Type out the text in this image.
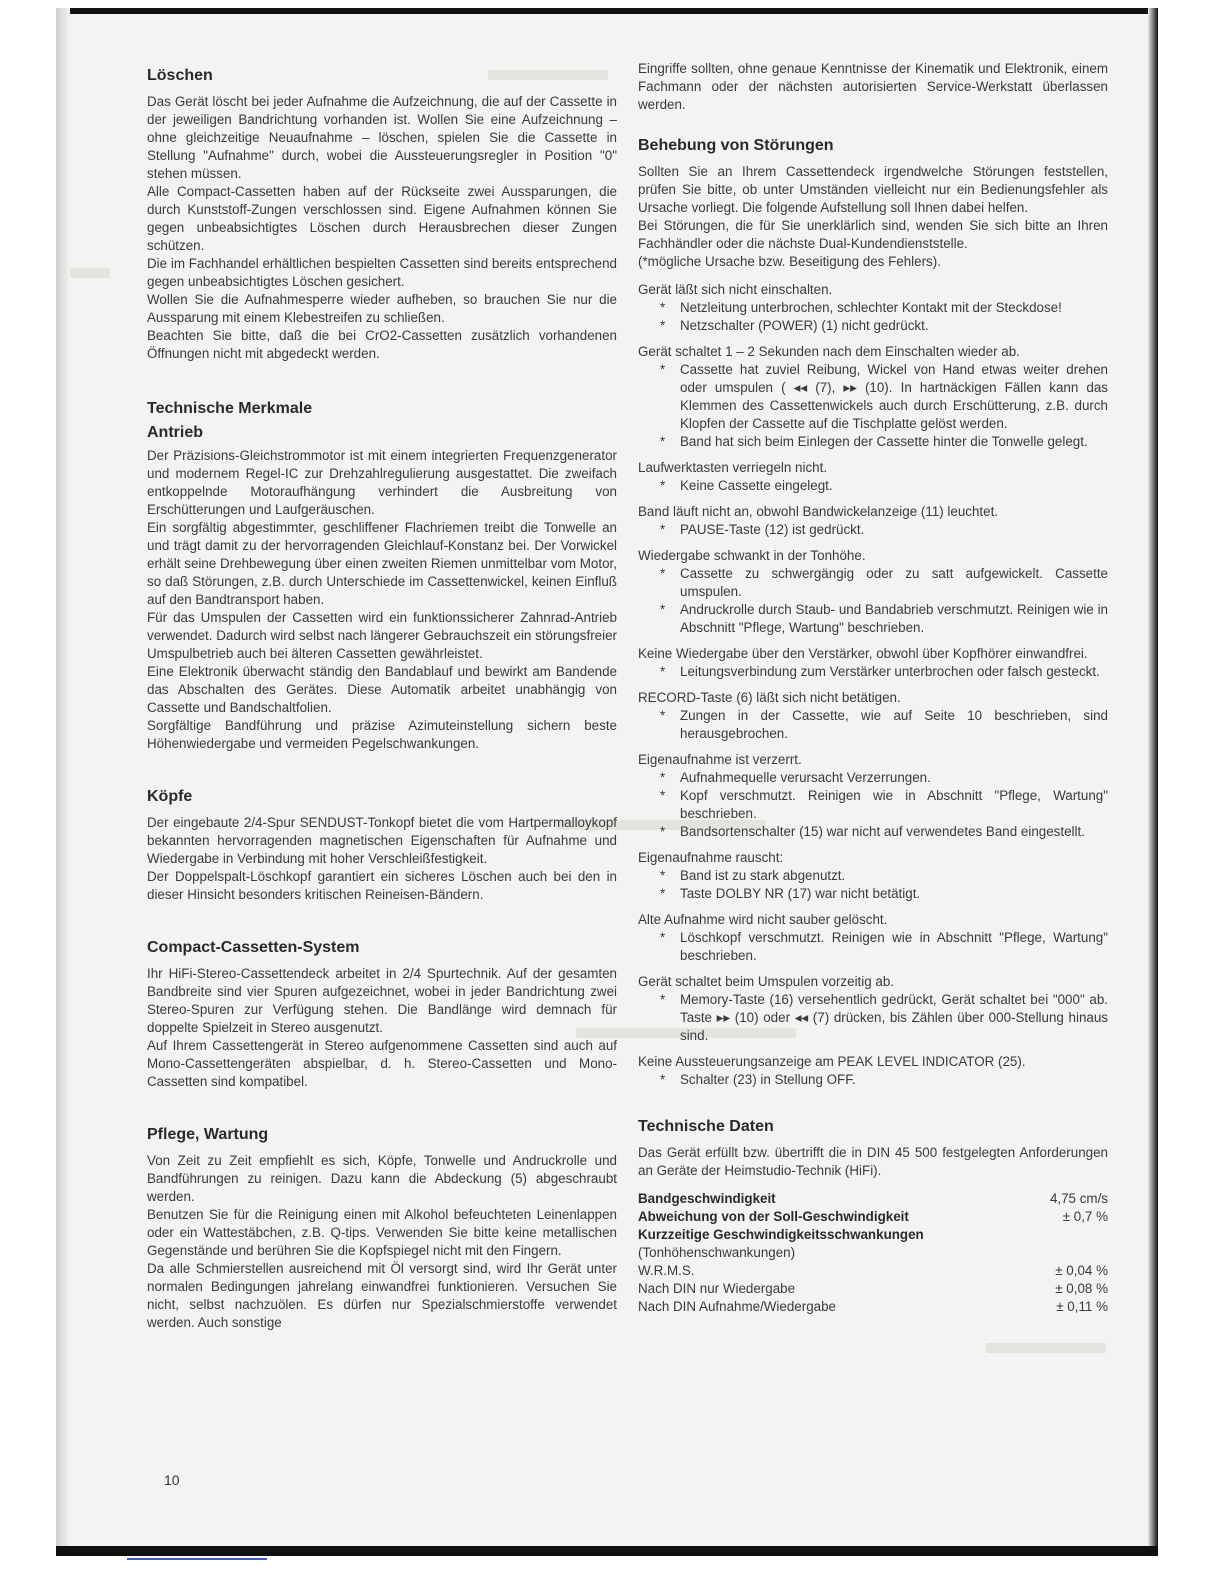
Löschen

Das Gerät löscht bei jeder Aufnahme die Aufzeichnung, die auf der Cassette in der jeweiligen Bandrichtung vorhanden ist. Wollen Sie eine Aufzeichnung – ohne gleichzeitige Neuaufnahme – löschen, spielen Sie die Cassette in Stellung "Aufnahme" durch, wobei die Aussteuerungsregler in Position "0" stehen müssen.

Alle Compact-Cassetten haben auf der Rückseite zwei Aussparungen, die durch Kunststoff-Zungen verschlossen sind. Eigene Aufnahmen können Sie gegen unbeabsichtigtes Löschen durch Herausbrechen dieser Zungen schützen.

Die im Fachhandel erhältlichen bespielten Cassetten sind bereits entsprechend gegen unbeabsichtigtes Löschen gesichert.

Wollen Sie die Aufnahmesperre wieder aufheben, so brauchen Sie nur die Aussparung mit einem Klebestreifen zu schließen.

Beachten Sie bitte, daß die bei CrO2-Cassetten zusätzlich vorhandenen Öffnungen nicht mit abgedeckt werden.

Technische Merkmale
Antrieb

Der Präzisions-Gleichstrommotor ist mit einem integrierten Frequenzgenerator und modernem Regel-IC zur Drehzahlregulierung ausgestattet. Die zweifach entkoppelnde Motoraufhängung verhindert die Ausbreitung von Erschütterungen und Laufgeräuschen.

Ein sorgfältig abgestimmter, geschliffener Flachriemen treibt die Tonwelle an und trägt damit zu der hervorragenden Gleichlauf-Konstanz bei. Der Vorwickel erhält seine Drehbewegung über einen zweiten Riemen unmittelbar vom Motor, so daß Störungen, z.B. durch Unterschiede im Cassettenwickel, keinen Einfluß auf den Bandtransport haben.

Für das Umspulen der Cassetten wird ein funktionssicherer Zahnrad-Antrieb verwendet. Dadurch wird selbst nach längerer Gebrauchszeit ein störungsfreier Umspulbetrieb auch bei älteren Cassetten gewährleistet.

Eine Elektronik überwacht ständig den Bandablauf und bewirkt am Bandende das Abschalten des Gerätes. Diese Automatik arbeitet unabhängig von Cassette und Bandschaltfolien.

Sorgfältige Bandführung und präzise Azimuteinstellung sichern beste Höhenwiedergabe und vermeiden Pegelschwankungen.

Köpfe

Der eingebaute 2/4-Spur SENDUST-Tonkopf bietet die vom Hartpermalloykopf bekannten hervorragenden magnetischen Eigenschaften für Aufnahme und Wiedergabe in Verbindung mit hoher Verschleißfestigkeit.

Der Doppelspalt-Löschkopf garantiert ein sicheres Löschen auch bei den in dieser Hinsicht besonders kritischen Reineisen-Bändern.

Compact-Cassetten-System

Ihr HiFi-Stereo-Cassettendeck arbeitet in 2/4 Spurtechnik. Auf der gesamten Bandbreite sind vier Spuren aufgezeichnet, wobei in jeder Bandrichtung zwei Stereo-Spuren zur Verfügung stehen. Die Bandlänge wird demnach für doppelte Spielzeit in Stereo ausgenutzt.

Auf Ihrem Cassettengerät in Stereo aufgenommene Cassetten sind auch auf Mono-Cassettengeräten abspielbar, d. h. Stereo-Cassetten und Mono-Cassetten sind kompatibel.

Pflege, Wartung

Von Zeit zu Zeit empfiehlt es sich, Köpfe, Tonwelle und Andruckrolle und Bandführungen zu reinigen. Dazu kann die Abdeckung (5) abgeschraubt werden.

Benutzen Sie für die Reinigung einen mit Alkohol befeuchteten Leinenlappen oder ein Wattestäbchen, z.B. Q-tips. Verwenden Sie bitte keine metallischen Gegenstände und berühren Sie die Kopfspiegel nicht mit den Fingern.

Da alle Schmierstellen ausreichend mit Öl versorgt sind, wird Ihr Gerät unter normalen Bedingungen jahrelang einwandfrei funktionieren. Versuchen Sie nicht, selbst nachzuölen. Es dürfen nur Spezialschmierstoffe verwendet werden. Auch sonstige

10

Eingriffe sollten, ohne genaue Kenntnisse der Kinematik und Elektronik, einem Fachmann oder der nächsten autorisierten Service-Werkstatt überlassen werden.

Behebung von Störungen

Sollten Sie an Ihrem Cassettendeck irgendwelche Störungen feststellen, prüfen Sie bitte, ob unter Umständen vielleicht nur ein Bedienungsfehler als Ursache vorliegt. Die folgende Aufstellung soll Ihnen dabei helfen.

Bei Störungen, die für Sie unerklärlich sind, wenden Sie sich bitte an Ihren Fachhändler oder die nächste Dual-Kundendienststelle.

(*mögliche Ursache bzw. Beseitigung des Fehlers).

Gerät läßt sich nicht einschalten.

* Netzleitung unterbrochen, schlechter Kontakt mit der Steckdose!

* Netzschalter (POWER) (1) nicht gedrückt.

Gerät schaltet 1 – 2 Sekunden nach dem Einschalten wieder ab.

* Cassette hat zuviel Reibung, Wickel von Hand etwas weiter drehen oder umspulen ( ◂◂ (7), ▸▸ (10). In hartnäckigen Fällen kann das Klemmen des Cassettenwickels auch durch Erschütterung, z.B. durch Klopfen der Cassette auf die Tischplatte gelöst werden.

* Band hat sich beim Einlegen der Cassette hinter die Tonwelle gelegt.

Laufwerktasten verriegeln nicht.

* Keine Cassette eingelegt.

Band läuft nicht an, obwohl Bandwickelanzeige (11) leuchtet.

* PAUSE-Taste (12) ist gedrückt.

Wiedergabe schwankt in der Tonhöhe.

* Cassette zu schwergängig oder zu satt aufgewickelt. Cassette umspulen.

* Andruckrolle durch Staub- und Bandabrieb verschmutzt. Reinigen wie in Abschnitt "Pflege, Wartung" beschrieben.

Keine Wiedergabe über den Verstärker, obwohl über Kopfhörer einwandfrei.

* Leitungsverbindung zum Verstärker unterbrochen oder falsch gesteckt.

RECORD-Taste (6) läßt sich nicht betätigen.

* Zungen in der Cassette, wie auf Seite 10 beschrieben, sind herausgebrochen.

Eigenaufnahme ist verzerrt.

* Aufnahmequelle verursacht Verzerrungen.

* Kopf verschmutzt. Reinigen wie in Abschnitt "Pflege, Wartung" beschrieben.

* Bandsortenschalter (15) war nicht auf verwendetes Band eingestellt.

Eigenaufnahme rauscht:

* Band ist zu stark abgenutzt.

* Taste DOLBY NR (17) war nicht betätigt.

Alte Aufnahme wird nicht sauber gelöscht.

* Löschkopf verschmutzt. Reinigen wie in Abschnitt "Pflege, Wartung" beschrieben.

Gerät schaltet beim Umspulen vorzeitig ab.

* Memory-Taste (16) versehentlich gedrückt, Gerät schaltet bei "000" ab. Taste ▸▸ (10) oder ◂◂ (7) drücken, bis Zählen über 000-Stellung hinaus sind.

Keine Aussteuerungsanzeige am PEAK LEVEL INDICATOR (25).

* Schalter (23) in Stellung OFF.

Technische Daten

Das Gerät erfüllt bzw. übertrifft die in DIN 45 500 festgelegten Anforderungen an Geräte der Heimstudio-Technik (HiFi).

Bandgeschwindigkeit	4,75 cm/s
Abweichung von der Soll-Geschwindigkeit	± 0,7 %
Kurzzeitige Geschwindigkeitsschwankungen
(Tonhöhenschwankungen)
W.R.M.S.	± 0,04 %
Nach DIN nur Wiedergabe	± 0,08 %
Nach DIN Aufnahme/Wiedergabe	± 0,11 %
